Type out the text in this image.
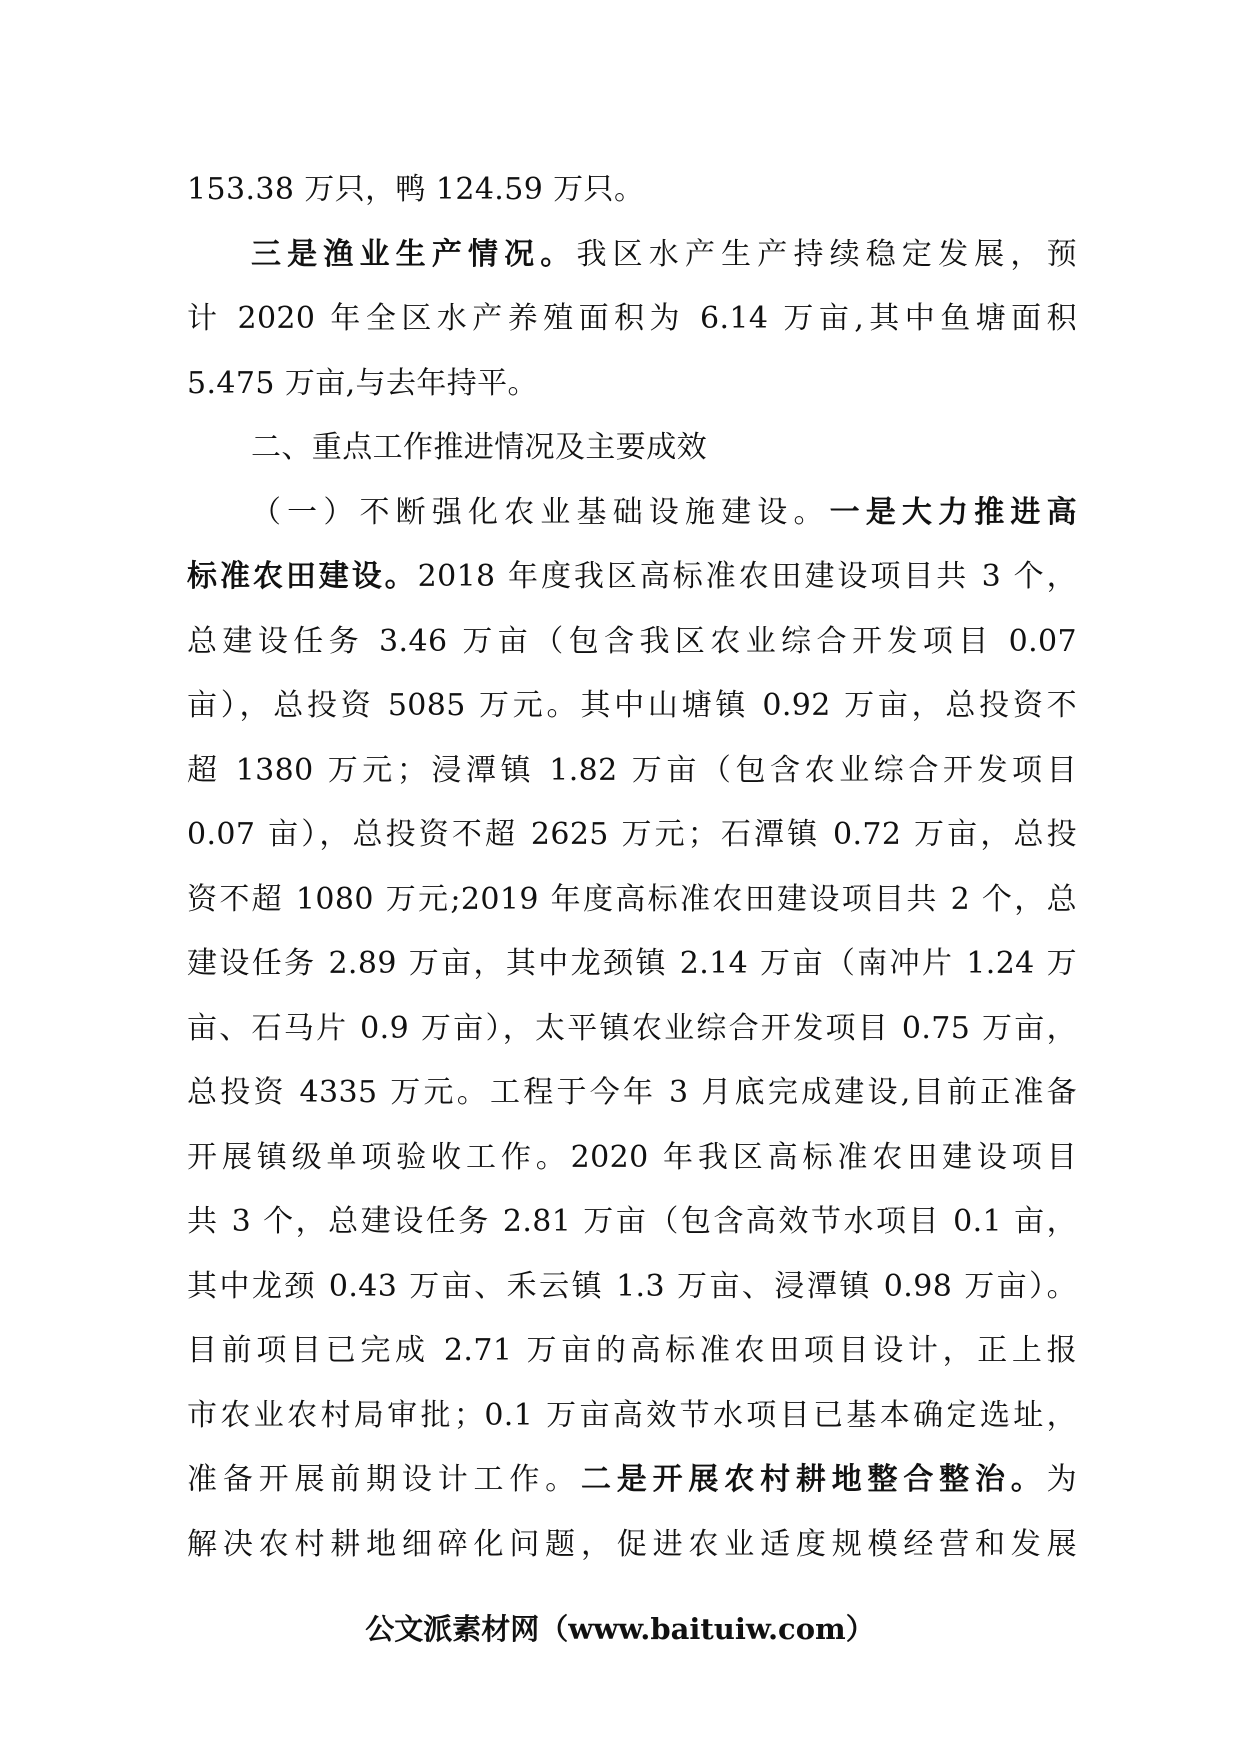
153.38 万只，鸭 124.59 万只。
三是渔业生产情况。我区水产生产持续稳定发展，预
计 2020 年全区水产养殖面积为 6.14 万亩,其中鱼塘面积
5.475 万亩,与去年持平。
二、重点工作推进情况及主要成效
（一）不断强化农业基础设施建设。一是大力推进高
标准农田建设。2018 年度我区高标准农田建设项目共 3 个，
总建设任务 3.46 万亩（包含我区农业综合开发项目 0.07
亩），总投资 5085 万元。其中山塘镇 0.92 万亩，总投资不
超 1380 万元；浸潭镇 1.82 万亩（包含农业综合开发项目
0.07 亩），总投资不超 2625 万元；石潭镇 0.72 万亩，总投
资不超 1080 万元;2019 年度高标准农田建设项目共 2 个，总
建设任务 2.89 万亩，其中龙颈镇 2.14 万亩（南冲片 1.24 万
亩、石马片 0.9 万亩），太平镇农业综合开发项目 0.75 万亩，
总投资 4335 万元。工程于今年 3 月底完成建设,目前正准备
开展镇级单项验收工作。2020 年我区高标准农田建设项目
共 3 个，总建设任务 2.81 万亩（包含高效节水项目 0.1 亩，
其中龙颈 0.43 万亩、禾云镇 1.3 万亩、浸潭镇 0.98 万亩）。
目前项目已完成 2.71 万亩的高标准农田项目设计，正上报
市农业农村局审批；0.1 万亩高效节水项目已基本确定选址，
准备开展前期设计工作。二是开展农村耕地整合整治。为
解决农村耕地细碎化问题，促进农业适度规模经营和发展
公文派素材网（www.baituiw.com）
